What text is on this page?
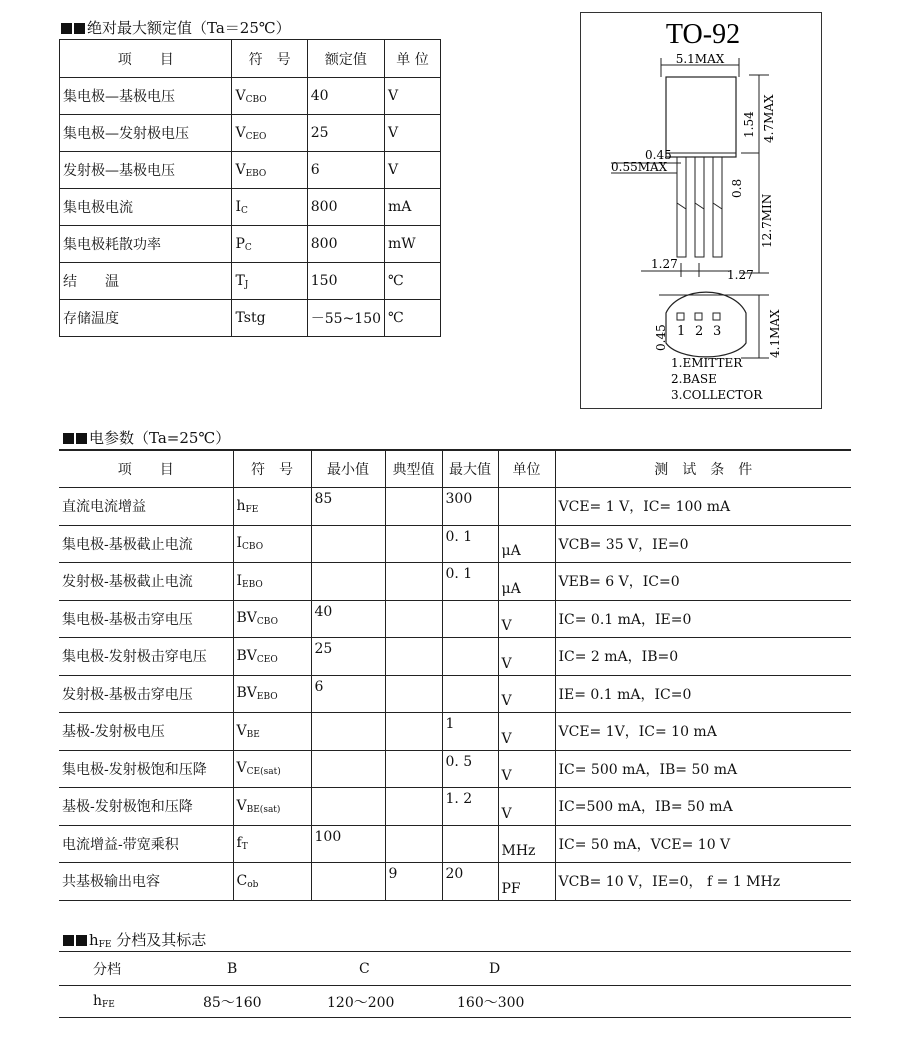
绝对最大额定值（Ta＝25℃）
项　　目	符　号	额定值	单 位
集电极—基极电压	$V_{CBO}$	40	V
集电极—发射极电压	$V_{CEO}$	25	V
发射极—基极电压	$V_{EBO}$	6	V
集电极电流	$I_C$	800	mA
集电极耗散功率	$P_C$	800	mW
结　　温	$T_J$	150	℃
存储温度	Tstg	－55~150	℃
TO-92
5.1MAX
4.7MAX
1.54
12.7MIN
0.8
0.45
0.55MAX
1.27
1.27
4.1MAX
0.45 1 2 3
1.EMITTER
2.BASE
3.COLLECTOR
电参数（Ta=25℃）
项　　目	符　号	最小值	典型值	最大值	单位	测　试　条　件
直流电流增益	$h_{FE}$	85		300		VCE= 1 V，IC= 100 mA
集电极-基极截止电流	$I_{CBO}$			0. 1	μA	VCB= 35 V，IE=0
发射极-基极截止电流	$I_{EBO}$			0. 1	μA	VEB= 6 V，IC=0
集电极-基极击穿电压	$BV_{CBO}$	40			V	IC= 0.1 mA，IE=0
集电极-发射极击穿电压	$BV_{CEO}$	25			V	IC= 2 mA，IB=0
发射极-基极击穿电压	$BV_{EBO}$	6			V	IE= 0.1 mA，IC=0
基极-发射极电压	$V_{BE}$			1	V	VCE= 1V，IC= 10 mA
集电极-发射极饱和压降	$V_{CE(sat)}$			0. 5	V	IC= 500 mA，IB= 50 mA
基极-发射极饱和压降	$V_{BE(sat)}$			1. 2	V	IC=500 mA，IB= 50 mA
电流增益-带宽乘积	$f_T$	100			MHz	IC= 50 mA，VCE= 10 V
共基极输出电容	$C_{ob}$		9	20	PF	VCB= 10 V，IE=0， f = 1 MHz
$h_{FE}$ 分档及其标志
分档	B	C	D	
$h_{FE}$	85～160	120～200	160～300	
